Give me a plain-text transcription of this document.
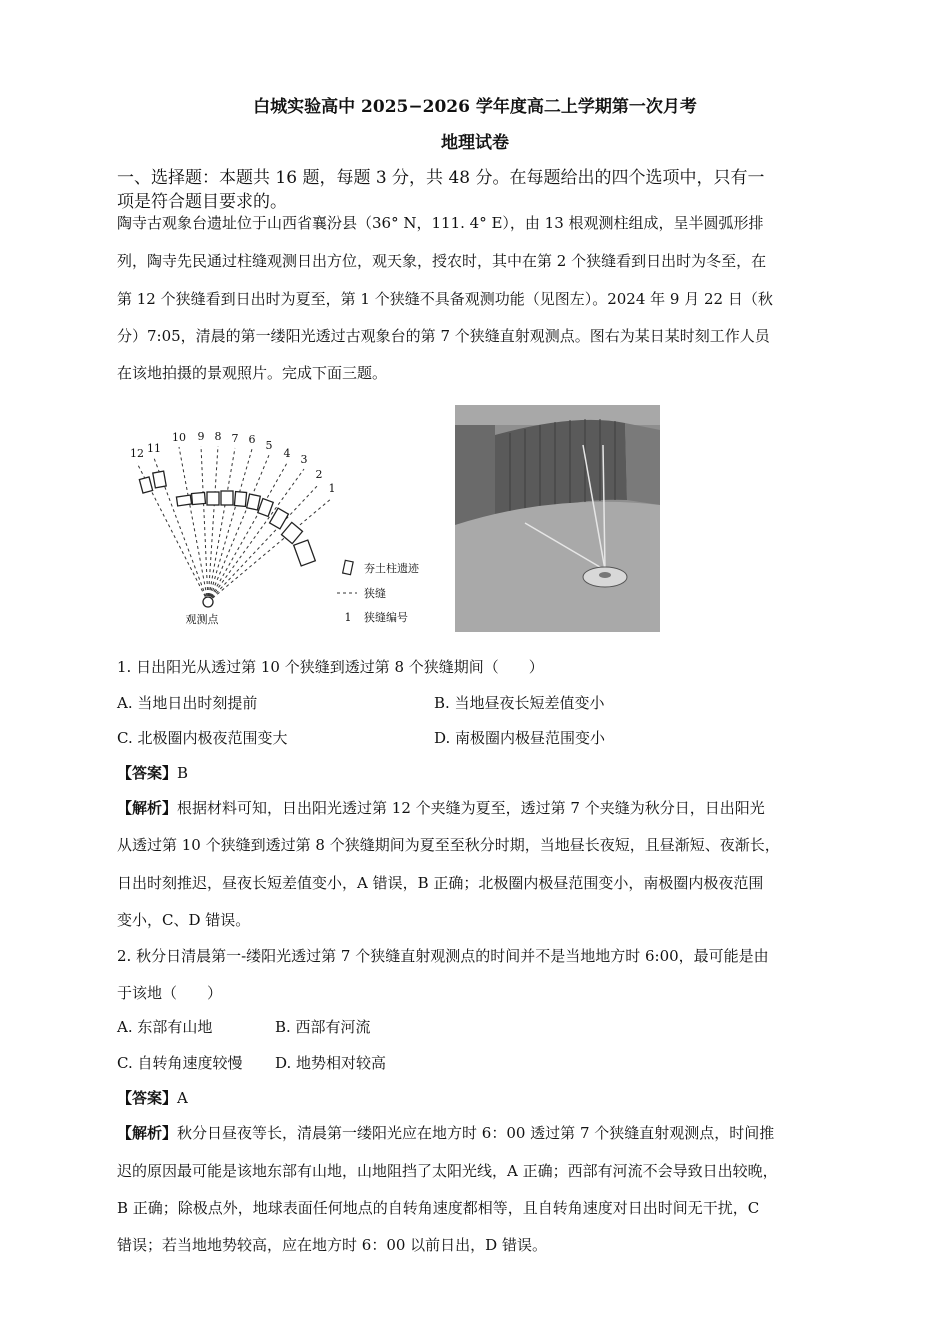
白城实验高中 2025−2026 学年度高二上学期第一次月考
地理试卷
一、选择题：本题共 16 题，每题 3 分，共 48 分。在每题给出的四个选项中，只有一
项是符合题目要求的。
陶寺古观象台遗址位于山西省襄汾县（36° N，111. 4° E），由 13 根观测柱组成，呈半圆弧形排
列，陶寺先民通过柱缝观测日出方位，观天象，授农时，其中在第 2 个狭缝看到日出时为冬至，在
第 12 个狭缝看到日出时为夏至，第 1 个狭缝不具备观测功能（见图左）。2024 年 9 月 22 日（秋
分）7:05，清晨的第一缕阳光透过古观象台的第 7 个狭缝直射观测点。图右为某日某时刻工作人员
在该地拍摄的景观照片。完成下面三题。
1
2
3
4
5
6
7
8
9
10
11
12
观测点
夯土柱遗迹
狭缝
1 狭缝编号
1. 日出阳光从透过第 10 个狭缝到透过第 8 个狭缝期间（　　）
A. 当地日出时刻提前	B. 当地昼夜长短差值变小
C. 北极圈内极夜范围变大	D. 南极圈内极昼范围变小
【答案】B
【解析】根据材料可知，日出阳光透过第 12 个夹缝为夏至，透过第 7 个夹缝为秋分日，日出阳光
从透过第 10 个狭缝到透过第 8 个狭缝期间为夏至至秋分时期，当地昼长夜短，且昼渐短、夜渐长，
日出时刻推迟，昼夜长短差值变小，A 错误，B 正确；北极圈内极昼范围变小，南极圈内极夜范围
变小，C、D 错误。
2. 秋分日清晨第一-缕阳光透过第 7 个狭缝直射观测点的时间并不是当地地方时 6:00，最可能是由
于该地（　　）
A. 东部有山地	B. 西部有河流
C. 自转角速度较慢 D. 地势相对较高
【答案】A
【解析】秋分日昼夜等长，清晨第一缕阳光应在地方时 6：00 透过第 7 个狭缝直射观测点，时间推
迟的原因最可能是该地东部有山地，山地阻挡了太阳光线，A 正确；西部有河流不会导致日出较晚，
B 正确；除极点外，地球表面任何地点的自转角速度都相等，且自转角速度对日出时间无干扰，C
错误；若当地地势较高，应在地方时 6：00 以前日出，D 错误。
